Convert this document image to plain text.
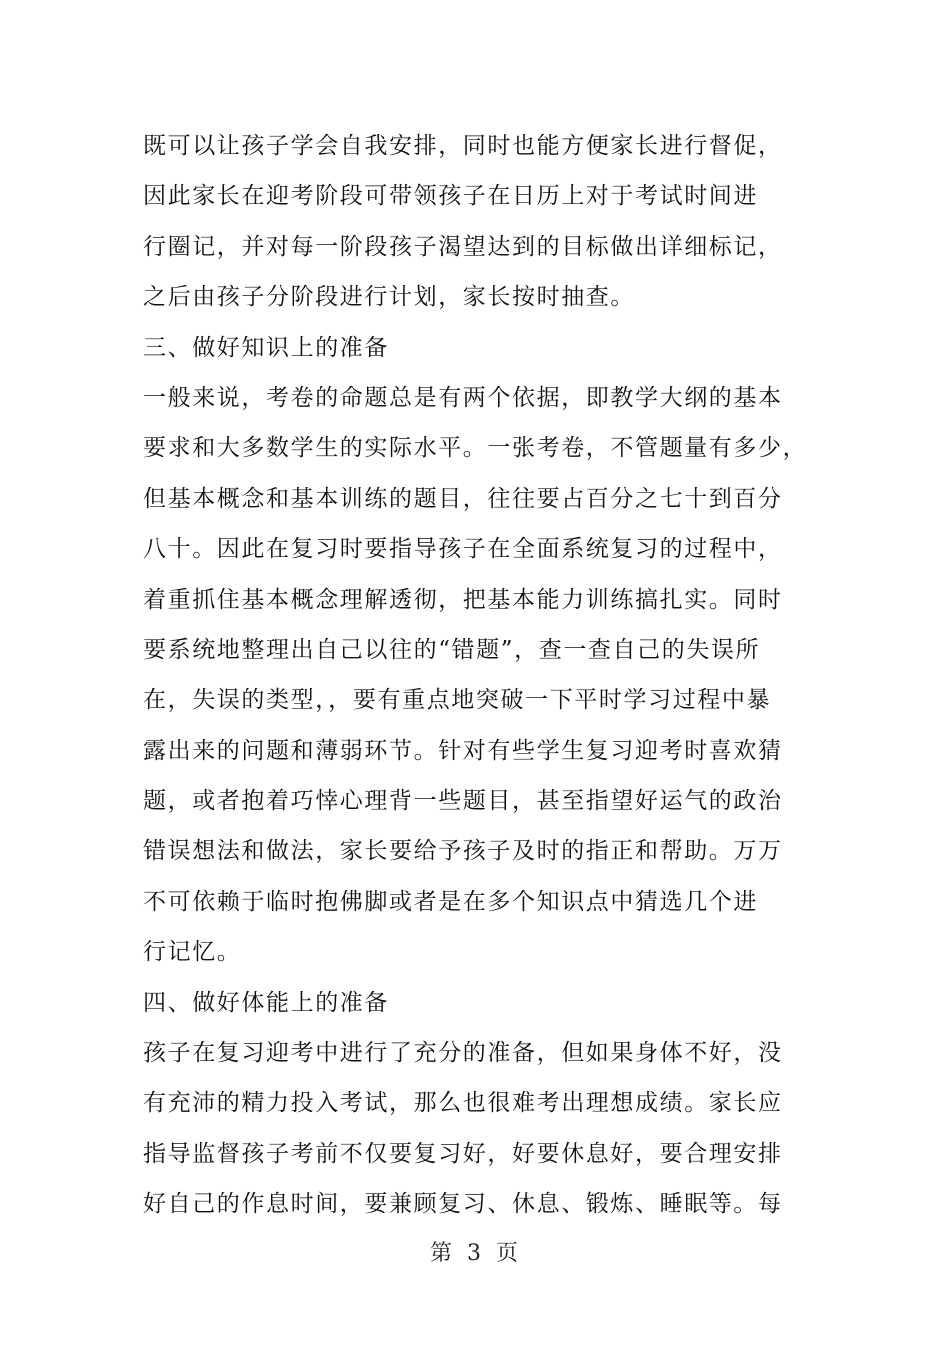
既可以让孩子学会自我安排，同时也能方便家长进行督促，
因此家长在迎考阶段可带领孩子在日历上对于考试时间进
行圈记，并对每一阶段孩子渴望达到的目标做出详细标记，
之后由孩子分阶段进行计划，家长按时抽查。
三、做好知识上的准备
一般来说，考卷的命题总是有两个依据，即教学大纲的基本
要求和大多数学生的实际水平。一张考卷，不管题量有多少，
但基本概念和基本训练的题目，往往要占百分之七十到百分
八十。因此在复习时要指导孩子在全面系统复习的过程中，
着重抓住基本概念理解透彻，把基本能力训练搞扎实。同时
要系统地整理出自己以往的“错题”，查一查自己的失误所
在，失误的类型，，要有重点地突破一下平时学习过程中暴
露出来的问题和薄弱环节。针对有些学生复习迎考时喜欢猜
题，或者抱着巧悻心理背一些题目，甚至指望好运气的政治
错误想法和做法，家长要给予孩子及时的指正和帮助。万万
不可依赖于临时抱佛脚或者是在多个知识点中猜选几个进
行记忆。
四、做好体能上的准备
孩子在复习迎考中进行了充分的准备，但如果身体不好，没
有充沛的精力投入考试，那么也很难考出理想成绩。家长应
指导监督孩子考前不仅要复习好，好要休息好，要合理安排
好自己的作息时间，要兼顾复习、休息、锻炼、睡眠等。每
第 3 页
